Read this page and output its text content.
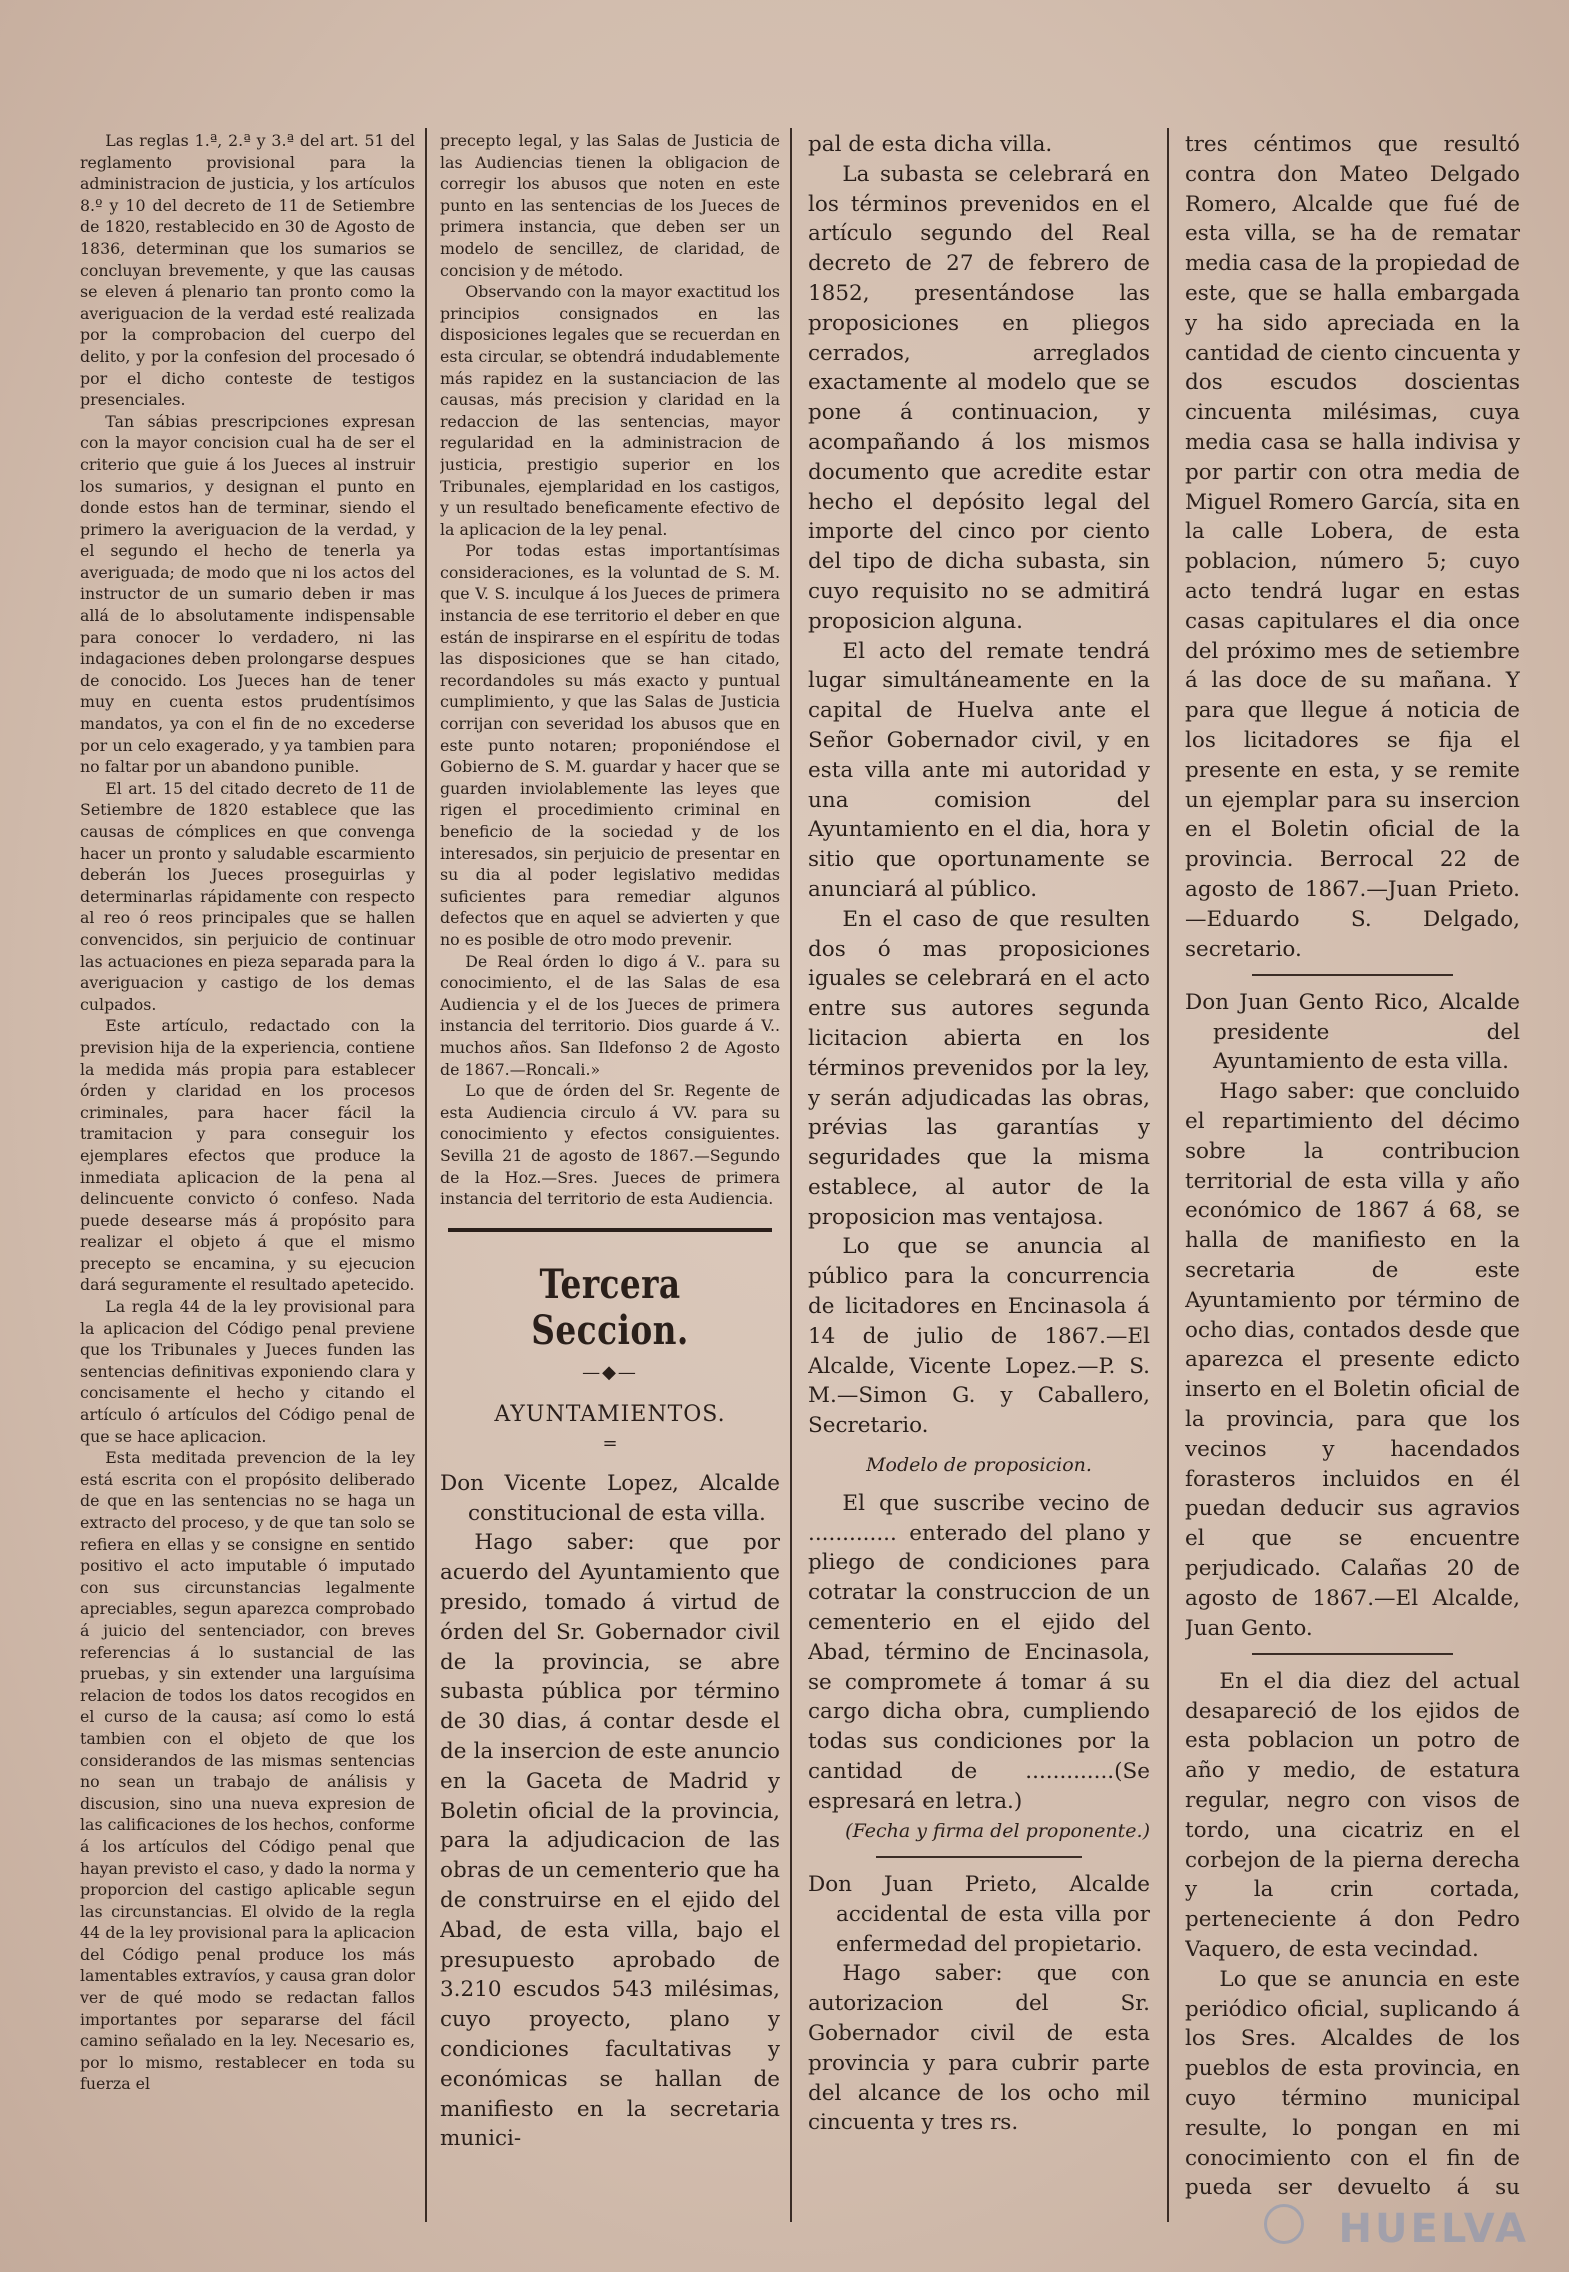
Las reglas 1.ª, 2.ª y 3.ª del art. 51 del reglamento provisional para la administracion de justicia, y los artículos 8.º y 10 del decreto de 11 de Setiembre de 1820, restablecido en 30 de Agosto de 1836, determinan que los sumarios se concluyan brevemente, y que las causas se eleven á plenario tan pronto como la averiguacion de la verdad esté realizada por la comprobacion del cuerpo del delito, y por la confesion del procesado ó por el dicho conteste de testigos presenciales.

Tan sábias prescripciones expresan con la mayor concision cual ha de ser el criterio que guie á los Jueces al instruir los sumarios, y designan el punto en donde estos han de terminar, siendo el primero la averiguacion de la verdad, y el segundo el hecho de tenerla ya averiguada; de modo que ni los actos del instructor de un sumario deben ir mas allá de lo absolutamente indispensable para conocer lo verdadero, ni las indagaciones deben prolongarse despues de conocido. Los Jueces han de tener muy en cuenta estos prudentísimos mandatos, ya con el fin de no excederse por un celo exagerado, y ya tambien para no faltar por un abandono punible.

El art. 15 del citado decreto de 11 de Setiembre de 1820 establece que las causas de cómplices en que convenga hacer un pronto y saludable escarmiento deberán los Jueces proseguirlas y determinarlas rápidamente con respecto al reo ó reos principales que se hallen convencidos, sin perjuicio de continuar las actuaciones en pieza separada para la averiguacion y castigo de los demas culpados.

Este artículo, redactado con la prevision hija de la experiencia, contiene la medida más propia para establecer órden y claridad en los procesos criminales, para hacer fácil la tramitacion y para conseguir los ejemplares efectos que produce la inmediata aplicacion de la pena al delincuente convicto ó confeso. Nada puede desearse más á propósito para realizar el objeto á que el mismo precepto se encamina, y su ejecucion dará seguramente el resultado apetecido.

La regla 44 de la ley provisional para la aplicacion del Código penal previene que los Tribunales y Jueces funden las sentencias definitivas exponiendo clara y concisamente el hecho y citando el artículo ó artículos del Código penal de que se hace aplicacion.

Esta meditada prevencion de la ley está escrita con el propósito deliberado de que en las sentencias no se haga un extracto del proceso, y de que tan solo se refiera en ellas y se consigne en sentido positivo el acto imputable ó imputado con sus circunstancias legalmente apreciables, segun aparezca comprobado á juicio del sentenciador, con breves referencias á lo sustancial de las pruebas, y sin extender una larguísima relacion de todos los datos recogidos en el curso de la causa; así como lo está tambien con el objeto de que los considerandos de las mismas sentencias no sean un trabajo de análisis y discusion, sino una nueva expresion de las calificaciones de los hechos, conforme á los artículos del Código penal que hayan previsto el caso, y dado la norma y proporcion del castigo aplicable segun las circunstancias. El olvido de la regla 44 de la ley provisional para la aplicacion del Código penal produce los más lamentables extravíos, y causa gran dolor ver de qué modo se redactan fallos importantes por separarse del fácil camino señalado en la ley. Necesario es, por lo mismo, restablecer en toda su fuerza el

precepto legal, y las Salas de Justicia de las Audiencias tienen la obligacion de corregir los abusos que noten en este punto en las sentencias de los Jueces de primera instancia, que deben ser un modelo de sencillez, de claridad, de concision y de método.

Observando con la mayor exactitud los principios consignados en las disposiciones legales que se recuerdan en esta circular, se obtendrá indudablemente más rapidez en la sustanciacion de las causas, más precision y claridad en la redaccion de las sentencias, mayor regularidad en la administracion de justicia, prestigio superior en los Tribunales, ejemplaridad en los castigos, y un resultado beneficamente efectivo de la aplicacion de la ley penal.

Por todas estas importantísimas consideraciones, es la voluntad de S. M. que V. S. inculque á los Jueces de primera instancia de ese territorio el deber en que están de inspirarse en el espíritu de todas las disposiciones que se han citado, recordandoles su más exacto y puntual cumplimiento, y que las Salas de Justicia corrijan con severidad los abusos que en este punto notaren; proponiéndose el Gobierno de S. M. guardar y hacer que se guarden inviolablemente las leyes que rigen el procedimiento criminal en beneficio de la sociedad y de los interesados, sin perjuicio de presentar en su dia al poder legislativo medidas suficientes para remediar algunos defectos que en aquel se advierten y que no es posible de otro modo prevenir.

De Real órden lo digo á V.. para su conocimiento, el de las Salas de esa Audiencia y el de los Jueces de primera instancia del territorio. Dios guarde á V.. muchos años. San Ildefonso 2 de Agosto de 1867.—Roncali.»

Lo que de órden del Sr. Regente de esta Audiencia circulo á VV. para su conocimiento y efectos consiguientes. Sevilla 21 de agosto de 1867.—Segundo de la Hoz.—Sres. Jueces de primera instancia del territorio de esta Audiencia.

Tercera Seccion.
—◆—
AYUNTAMIENTOS.
=

Don Vicente Lopez, Alcalde constitucional de esta villa.

Hago saber: que por acuerdo del Ayuntamiento que presido, tomado á virtud de órden del Sr. Gobernador civil de la provincia, se abre subasta pública por término de 30 dias, á contar desde el de la insercion de este anuncio en la Gaceta de Madrid y Boletin oficial de la provincia, para la adjudicacion de las obras de un cementerio que ha de construirse en el ejido del Abad, de esta villa, bajo el presupuesto aprobado de 3.210 escudos 543 milésimas, cuyo proyecto, plano y condiciones facultativas y económicas se hallan de manifiesto en la secretaria munici-

pal de esta dicha villa.

La subasta se celebrará en los términos prevenidos en el artículo segundo del Real decreto de 27 de febrero de 1852, presentándose las proposiciones en pliegos cerrados, arreglados exactamente al modelo que se pone á continuacion, y acompañando á los mismos documento que acredite estar hecho el depósito legal del importe del cinco por ciento del tipo de dicha subasta, sin cuyo requisito no se admitirá proposicion alguna.

El acto del remate tendrá lugar simultáneamente en la capital de Huelva ante el Señor Gobernador civil, y en esta villa ante mi autoridad y una comision del Ayuntamiento en el dia, hora y sitio que oportunamente se anunciará al público.

En el caso de que resulten dos ó mas proposiciones iguales se celebrará en el acto entre sus autores segunda licitacion abierta en los términos prevenidos por la ley, y serán adjudicadas las obras, prévias las garantías y seguridades que la misma establece, al autor de la proposicion mas ventajosa.

Lo que se anuncia al público para la concurrencia de licitadores en Encinasola á 14 de julio de 1867.—El Alcalde, Vicente Lopez.—P. S. M.—Simon G. y Caballero, Secretario.

Modelo de proposicion.

El que suscribe vecino de ............. enterado del plano y pliego de condiciones para cotratar la construccion de un cementerio en el ejido del Abad, término de Encinasola, se compromete á tomar á su cargo dicha obra, cumpliendo todas sus condiciones por la cantidad de .............(Se espresará en letra.)

(Fecha y firma del proponente.)

Don Juan Prieto, Alcalde accidental de esta villa por enfermedad del propietario.

Hago saber: que con autorizacion del Sr. Gobernador civil de esta provincia y para cubrir parte del alcance de los ocho mil cincuenta y tres rs.

tres céntimos que resultó contra don Mateo Delgado Romero, Alcalde que fué de esta villa, se ha de rematar media casa de la propiedad de este, que se halla embargada y ha sido apreciada en la cantidad de ciento cincuenta y dos escudos doscientas cincuenta milésimas, cuya media casa se halla indivisa y por partir con otra media de Miguel Romero García, sita en la calle Lobera, de esta poblacion, número 5; cuyo acto tendrá lugar en estas casas capitulares el dia once del próximo mes de setiembre á las doce de su mañana. Y para que llegue á noticia de los licitadores se fija el presente en esta, y se remite un ejemplar para su insercion en el Boletin oficial de la provincia. Berrocal 22 de agosto de 1867.—Juan Prieto.—Eduardo S. Delgado, secretario.

Don Juan Gento Rico, Alcalde presidente del Ayuntamiento de esta villa.

Hago saber: que concluido el repartimiento del décimo sobre la contribucion territorial de esta villa y año económico de 1867 á 68, se halla de manifiesto en la secretaria de este Ayuntamiento por término de ocho dias, contados desde que aparezca el presente edicto inserto en el Boletin oficial de la provincia, para que los vecinos y hacendados forasteros incluidos en él puedan deducir sus agravios el que se encuentre perjudicado. Calañas 20 de agosto de 1867.—El Alcalde, Juan Gento.

En el dia diez del actual desapareció de los ejidos de esta poblacion un potro de año y medio, de estatura regular, negro con visos de tordo, una cicatriz en el corbejon de la pierna derecha y la crin cortada, perteneciente á don Pedro Vaquero, de esta vecindad.

Lo que se anuncia en este periódico oficial, suplicando á los Sres. Alcaldes de los pueblos de esta provincia, en cuyo término municipal resulte, lo pongan en mi conocimiento con el fin de pueda ser devuelto á su

HUELVA
